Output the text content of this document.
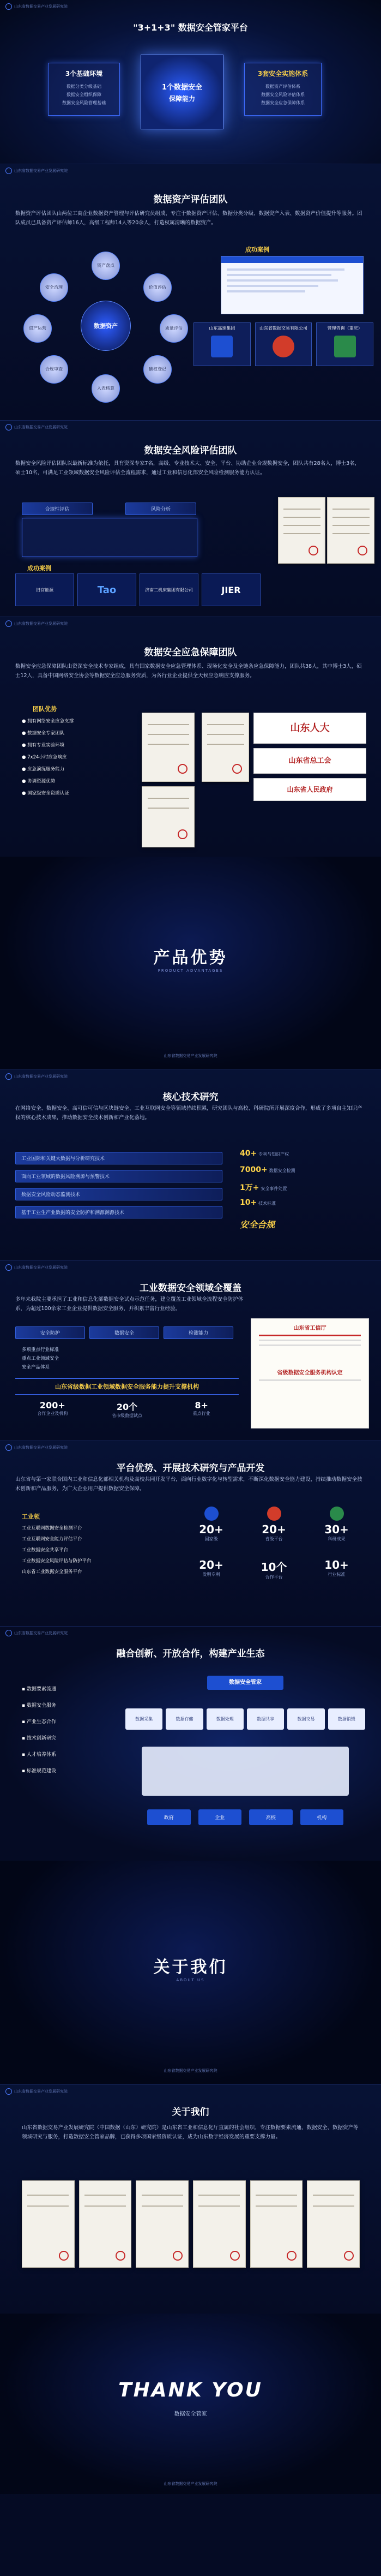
山东省数据交易产业发展研究院
"3+1+3" 数据安全管家平台
3个基础环境
数据分类分级基础
数据安全组织保障
数据安全风险管理基础
1个数据安全
保障能力
3套安全实施体系
数据资产评估体系
数据安全风险评估体系
数据安全应急保障体系
山东省数据交易产业发展研究院
数据资产评估团队
数据资产评估团队由两位工商企业数据资产管理与评估研究员组成，专注于数据资产评估、数据分类分级、数据资产入表、数据资产价值提升等服务。团队成员已具备资产评估师16人，高级工程师14人等20余人，打造权属清晰的数据资产。
数据资产
资产盘点
价值评估
质量评估
确权登记
入表核算
合规审查
资产运营
安全治理
成功案例
山东高速集团	山东省数据交易有限公司	管理咨询（重庆）
山东省数据交易产业发展研究院
数据安全风险评估团队
数据安全风险评估团队以最新标准为依托，具有资深专家7名，高级、专业技术大、安全、平台、协助企业合规数据安全，团队共有28名人，博士3名，硕士10名，可满足工业领域数据安全风险评估全流程需求，通过工业和信息化部安全风险检测服务能力认证。
合规性评估	风险分析
成功案例
旧宫能源	Tao	济南二机床集团有限公司	JIER
山东省数据交易产业发展研究院
数据安全应急保障团队
数据安全应急保障团队由资深安全技术专家组成，具有国家数据安全应急管理体系、现场化安全及全链条应急保障能力，团队共38人，其中博士3人，硕士12人，具备中国网络安全协会等数据安全应急服务资质，为各行业企业提供全天候应急响应支撑服务。
团队优势
● 拥有网络安全应急支撑
● 数据安全专家团队
● 拥有专业实验环境
● 7x24小时应急响应
● 应急演练服务能力
● 协调资源优势
● 国家级安全资质认证
山东人大
山东省总工会
山东省人民政府
产品优势
PRODUCT ADVANTAGES
山东省数据交易产业发展研究院
山东省数据交易产业发展研究院
核心技术研究
在网络安全、数据安全、高可信可信与区块链安全、工业互联网安全等领域持续积累，研究团队与高校、科研院所开展深度合作，形成了多项自主知识产权的核心技术成果，推动数据安全技术创新和产业化落地。
工业国际和关键大数据与分析研究技术
面向工业领域的数据风险溯源与预警技术
数据安全风险动态监测技术
基于工业生产业数据的安全防护和溯源溯源技术
40+ 专利与知识产权
7000+ 数据安全检测
1万+ 安全事件处置
10+ 技术标准
安全合规
山东省数据交易产业发展研究院
工业数据安全领域全覆盖
多年来我院主要承担了工业和信息化部数据安全试点示范任务，建立覆盖工业领域全流程安全防护体系，为超过100余家工业企业提供数据安全服务，并积累丰富行业经验。
安全防护	数据安全	检测能力
多项重点行业标准
重点工业领域安全
安全产品体系
山东省级数据工业领域数据安全服务能力提升支撑机构
200+
合作企业及机构
20个
省市级数据试点
8+
重点行业
山东省工信厅
省级数据安全服务机构认定
山东省数据交易产业发展研究院
平台优势、开展技术研究与产品开发
山东省与第一家联合国内工业和信息化部相关机构及高校共同开发平台，面向行业数字化与转型需求，不断深化数据安全能力建设，持续推动数据安全技术创新和产品服务，为广大企业用户提供数据安全保障。
工业领
工业互联网数据安全检测平台
工业互联网安全能力评估平台
工业数据安全共享平台
工业数据安全风险评估与防护平台
山东省工业数据安全服务平台
20+
国家级
20+
省级平台
30+
科研成果
20+
发明专利
10个
合作平台
10+
行业标准
山东省数据交易产业发展研究院
融合创新、开放合作，构建产业生态
▪ 数据要素流通
▪ 数据安全服务
▪ 产业生态合作
▪ 技术创新研究
▪ 人才培养体系
▪ 标准规范建设
数据安全管家
数据采集	数据存储	数据处理	数据共享	数据交易	数据销毁
政府	企业	高校	机构
关于我们
ABOUT US
山东省数据交易产业发展研究院
山东省数据交易产业发展研究院
关于我们
山东省数据交易产业发展研究院（中国数据（山东）研究院）是山东省工业和信息化厅直属的社会组织，专注数据要素流通、数据安全、数据资产等领域研究与服务，打造数据安全管家品牌，已获得多项国家级资质认证，成为山东数字经济发展的重要支撑力量。
THANK YOU
数据安全管家
山东省数据交易产业发展研究院
